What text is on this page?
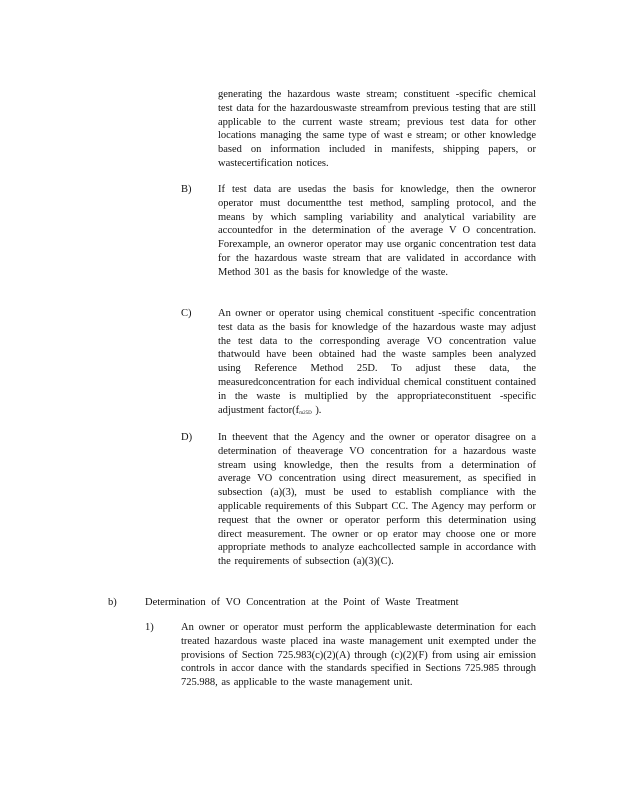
generating the hazardous waste stream; constituent -specific chemical test data for the hazardouswaste streamfrom previous testing that are still applicable to the current waste stream; previous test data for other locations managing the same type of wast e stream; or other knowledge based on information included in manifests, shipping papers, or wastecertification notices.
B)	If test data are usedas the basis for knowledge, then the owneror operator must documentthe test method, sampling protocol, and the means by which sampling variability and analytical variability are accountedfor in the determination of the average V O concentration. Forexample, an owneror operator may use organic concentration test data for the hazardous waste stream that are validated in accordance with Method 301 as the basis for knowledge of the waste.
C)	An owner or operator using chemical constituent -specific concentration test data as the basis for knowledge of the hazardous waste may adjust the test data to the corresponding average VO concentration value thatwould have been obtained had the waste samples been analyzed using Reference Method 25D. To adjust these data, the measuredconcentration for each individual chemical constituent contained in the waste is multiplied by the appropriateconstituent -specific adjustment $factor(f_{m25D}$ ).
D) In theevent that the Agency and the owner or operator disagree on a determination of theaverage VO concentration for a hazardous waste stream using knowledge, then the results from a determination of average VO concentration using direct measurement, as specified in subsection (a)(3), must be used to establish compliance with the applicable requirements of this Subpart CC. The Agency may perform or request that the owner or operator perform this determination using direct measurement. The owner or op erator may choose one or more appropriate methods to analyze eachcollected sample in accordance with the requirements of subsection (a)(3)(C).
b)	Determination of VO Concentration at the Point of Waste Treatment
1)	An owner or operator must perform the applicablewaste determination for each treated hazardous waste placed ina waste management unit exempted under the provisions of Section 725.983(c)(2)(A) through (c)(2)(F) from using air emission controls in accor dance with the standards specified in Sections 725.985 through 725.988, as applicable to the waste management unit.
